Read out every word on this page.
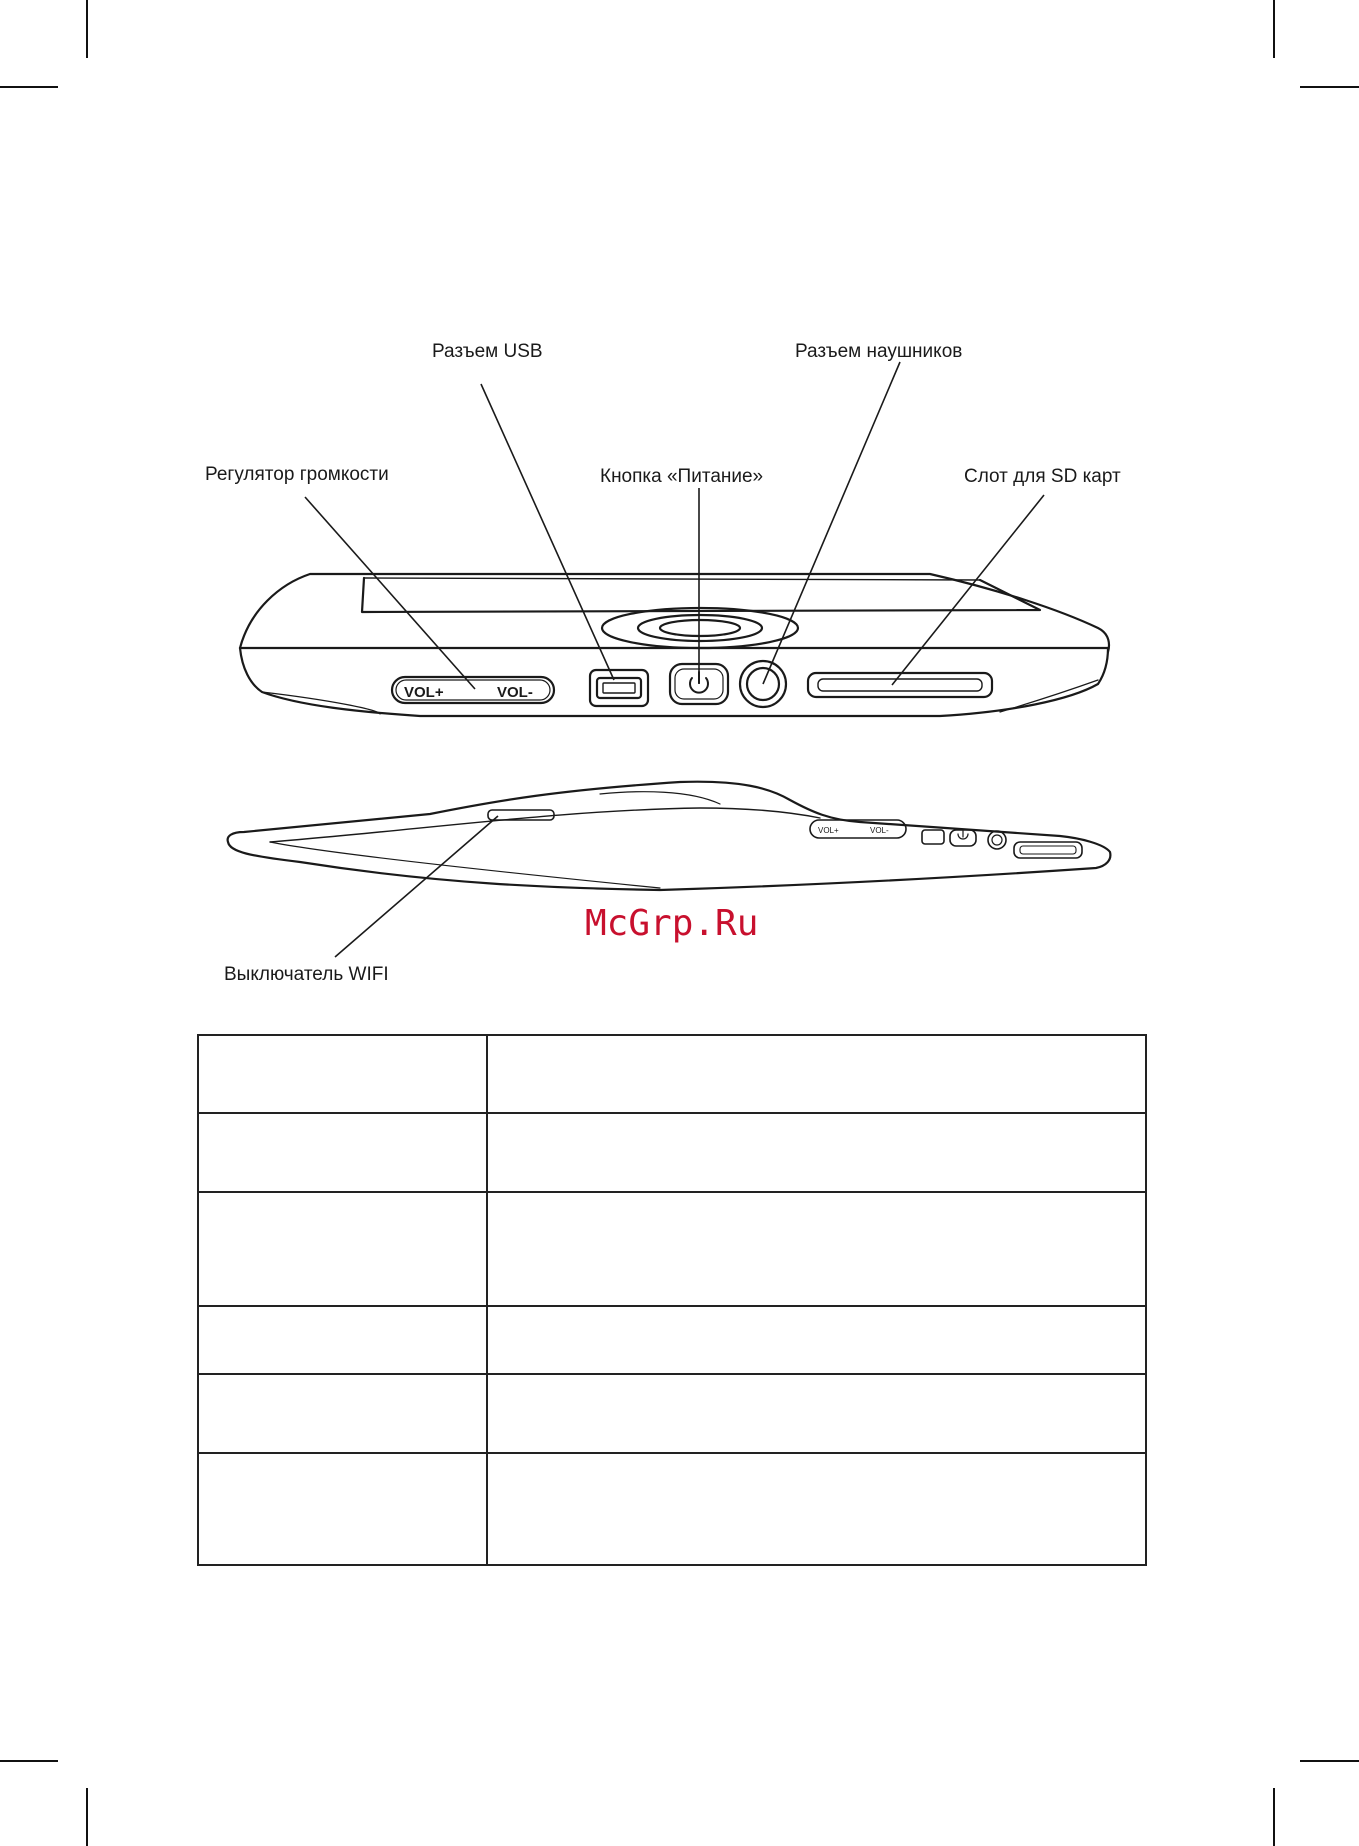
VOL+	VOL-
VOL+	VOL-
Разъем USB	Разъем наушников
Регулятор громкости	Кнопка «Питание»	Слот для SD карт
Выключатель WIFI
McGrp.Ru
